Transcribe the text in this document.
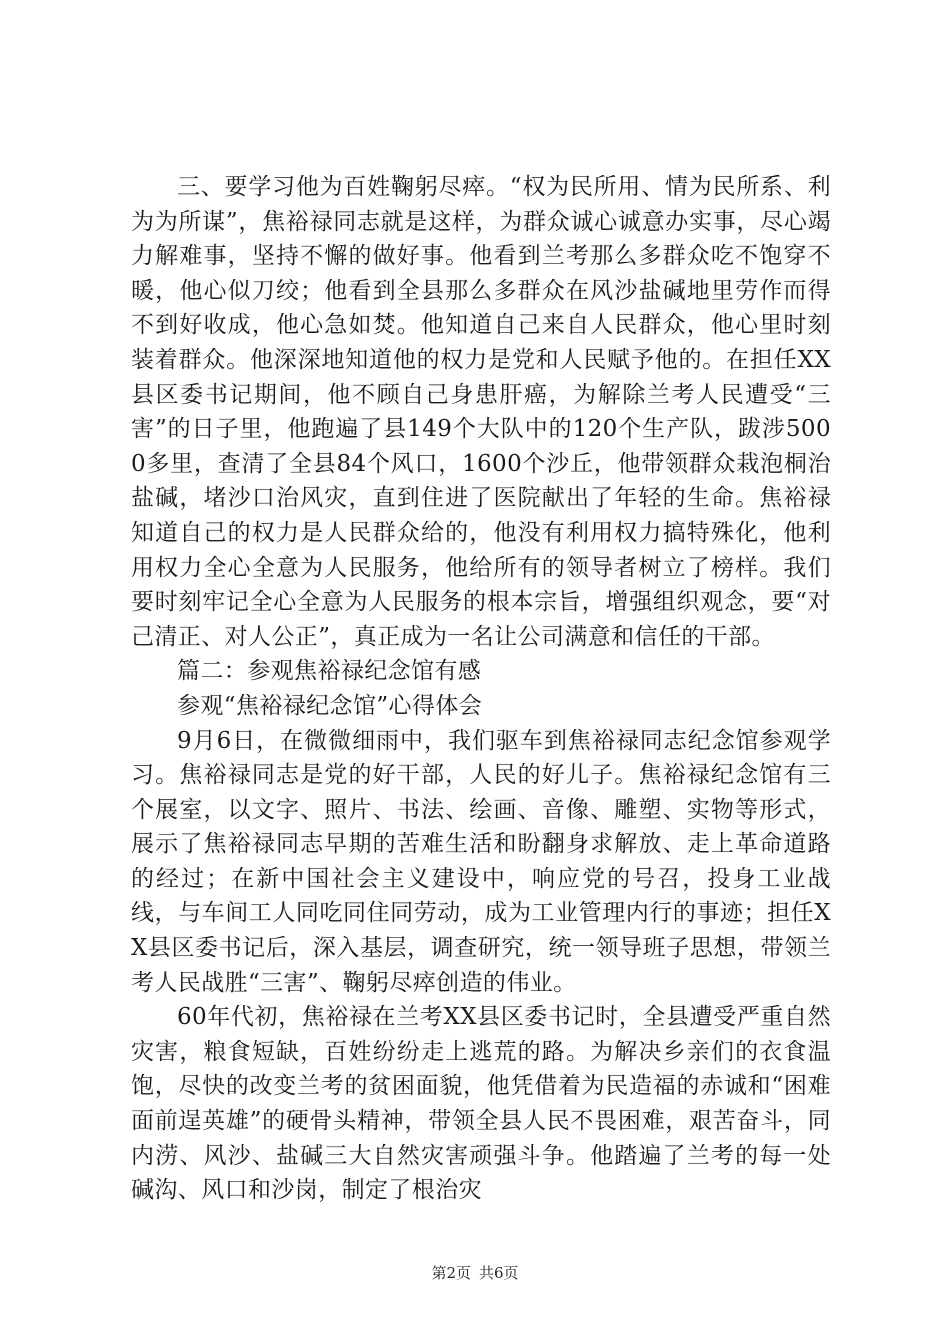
三、要学习他为百姓鞠躬尽瘁。“权为民所用、情为民所系、利为为所谋”，焦裕禄同志就是这样，为群众诚心诚意办实事，尽心竭力解难事，坚持不懈的做好事。他看到兰考那么多群众吃不饱穿不暖，他心似刀绞；他看到全县那么多群众在风沙盐碱地里劳作而得不到好收成，他心急如焚。他知道自己来自人民群众，他心里时刻装着群众。他深深地知道他的权力是党和人民赋予他的。在担任XX县区委书记期间，他不顾自己身患肝癌，为解除兰考人民遭受“三害”的日子里，他跑遍了县149个大队中的120个生产队，跋涉5000多里，查清了全县84个风口，1600个沙丘，他带领群众栽泡桐治盐碱，堵沙口治风灾，直到住进了医院献出了年轻的生命。焦裕禄知道自己的权力是人民群众给的，他没有利用权力搞特殊化，他利用权力全心全意为人民服务，他给所有的领导者树立了榜样。我们要时刻牢记全心全意为人民服务的根本宗旨，增强组织观念，要“对己清正、对人公正”，真正成为一名让公司满意和信任的干部。

篇二：参观焦裕禄纪念馆有感

参观“焦裕禄纪念馆”心得体会

9月6日，在微微细雨中，我们驱车到焦裕禄同志纪念馆参观学习。焦裕禄同志是党的好干部，人民的好儿子。焦裕禄纪念馆有三个展室，以文字、照片、书法、绘画、音像、雕塑、实物等形式，展示了焦裕禄同志早期的苦难生活和盼翻身求解放、走上革命道路的经过；在新中国社会主义建设中，响应党的号召，投身工业战线，与车间工人同吃同住同劳动，成为工业管理内行的事迹；担任XX县区委书记后，深入基层，调查研究，统一领导班子思想，带领兰考人民战胜“三害”、鞠躬尽瘁创造的伟业。

60年代初，焦裕禄在兰考XX县区委书记时，全县遭受严重自然灾害，粮食短缺，百姓纷纷走上逃荒的路。为解决乡亲们的衣食温饱，尽快的改变兰考的贫困面貌，他凭借着为民造福的赤诚和“困难面前逞英雄”的硬骨头精神，带领全县人民不畏困难，艰苦奋斗，同内涝、风沙、盐碱三大自然灾害顽强斗争。他踏遍了兰考的每一处碱沟、风口和沙岗，制定了根治灾

第2页 共6页
